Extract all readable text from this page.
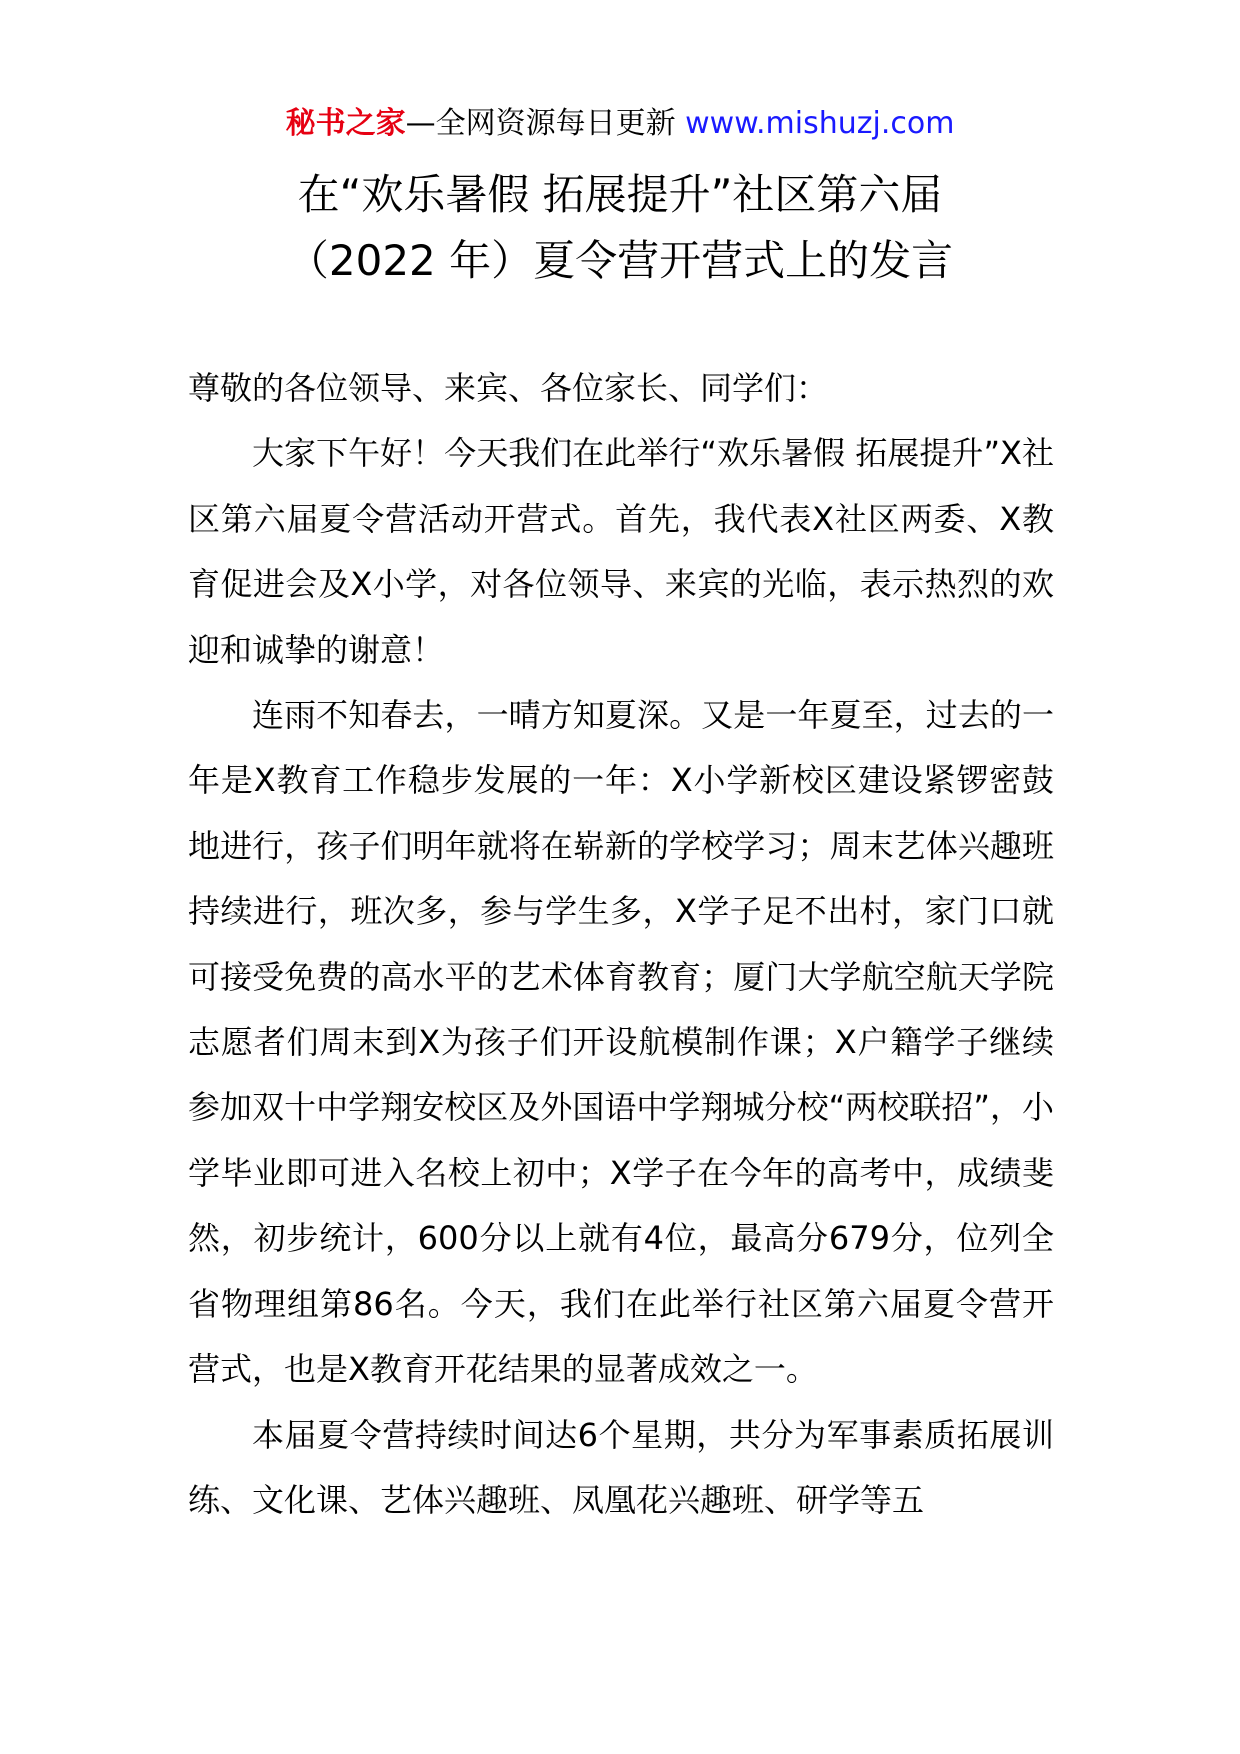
秘书之家—全网资源每日更新 www.mishuzj.com
在“欢乐暑假 拓展提升”社区第六届
（2022 年）夏令营开营式上的发言

尊敬的各位领导、来宾、各位家长、同学们：

大家下午好！今天我们在此举行“欢乐暑假 拓展提升”X社区第六届夏令营活动开营式。首先，我代表X社区两委、X教育促进会及X小学，对各位领导、来宾的光临，表示热烈的欢迎和诚挚的谢意！

连雨不知春去，一晴方知夏深。又是一年夏至，过去的一年是X教育工作稳步发展的一年：X小学新校区建设紧锣密鼓地进行，孩子们明年就将在崭新的学校学习；周末艺体兴趣班持续进行，班次多，参与学生多，X学子足不出村，家门口就可接受免费的高水平的艺术体育教育；厦门大学航空航天学院志愿者们周末到X为孩子们开设航模制作课；X户籍学子继续参加双十中学翔安校区及外国语中学翔城分校“两校联招”，小学毕业即可进入名校上初中；X学子在今年的高考中，成绩斐然，初步统计，600分以上就有4位，最高分679分，位列全省物理组第86名。今天，我们在此举行社区第六届夏令营开营式，也是X教育开花结果的显著成效之一。

本届夏令营持续时间达6个星期，共分为军事素质拓展训练、文化课、艺体兴趣班、凤凰花兴趣班、研学等五
